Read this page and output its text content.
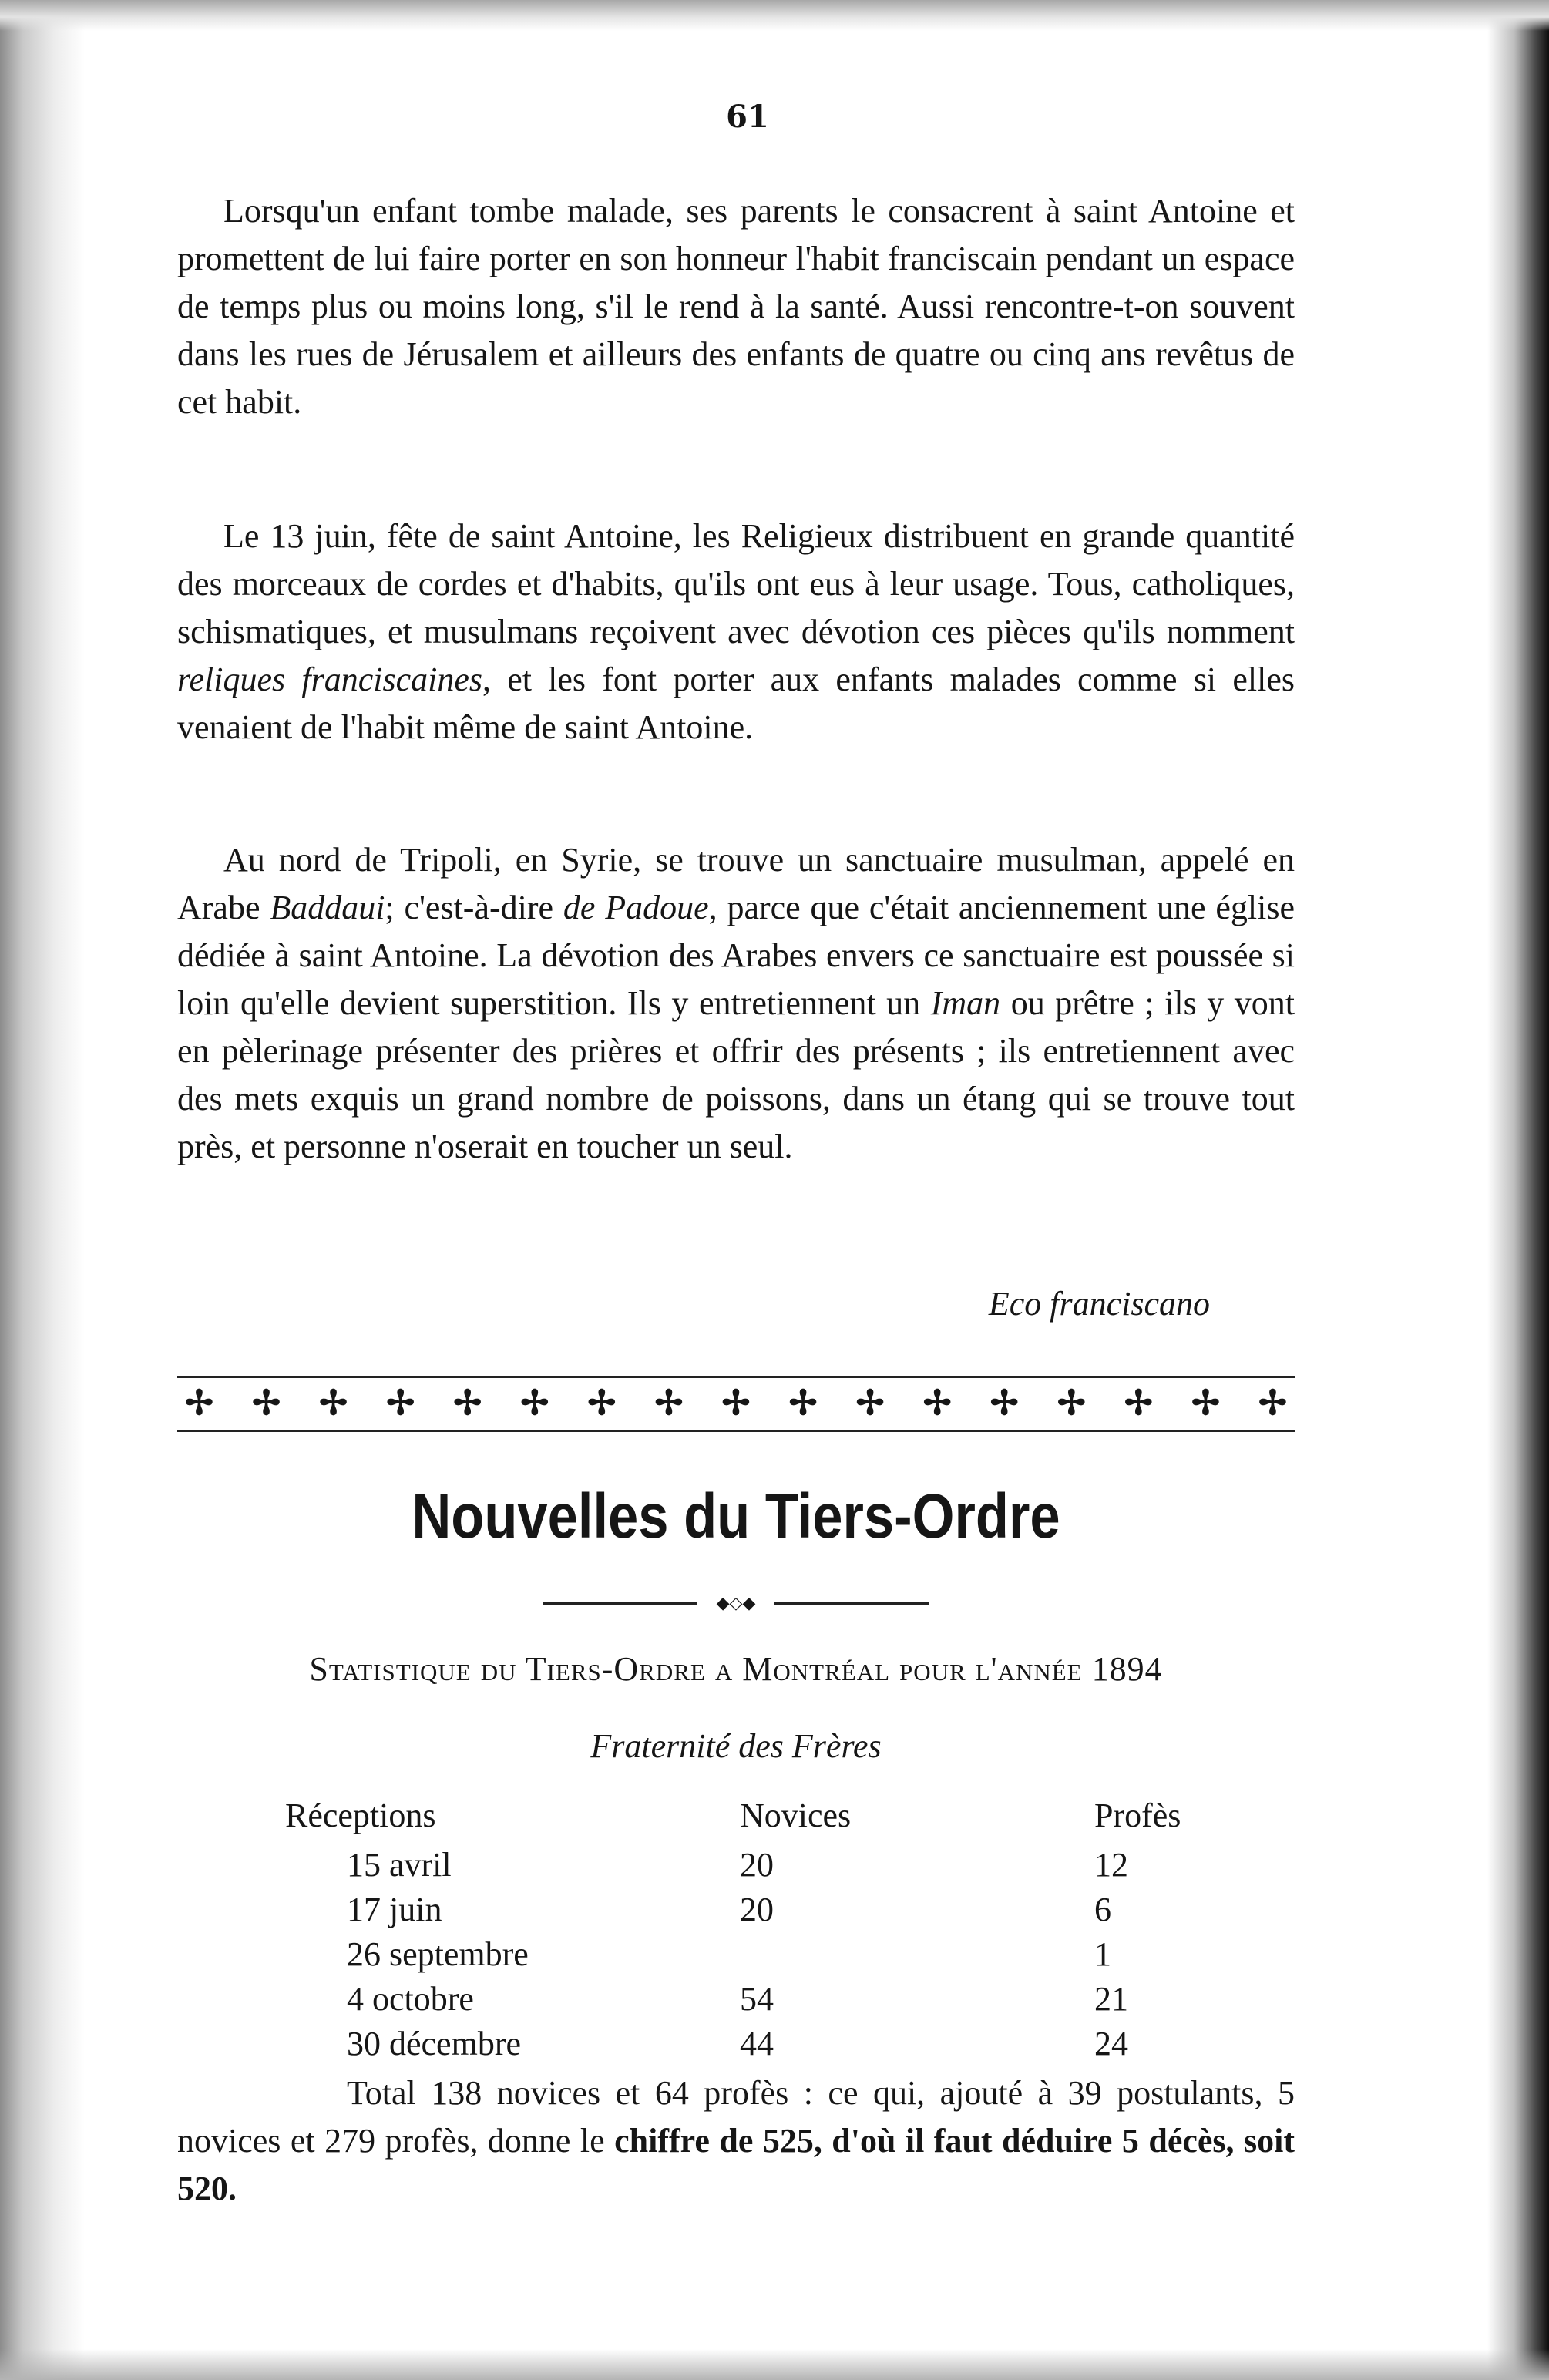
61

Lorsqu'un enfant tombe malade, ses parents le consacrent à saint Antoine et promettent de lui faire porter en son honneur l'habit franciscain pendant un espace de temps plus ou moins long, s'il le rend à la santé. Aussi rencontre-t-on souvent dans les rues de Jérusalem et ailleurs des enfants de quatre ou cinq ans revêtus de cet habit.

Le 13 juin, fête de saint Antoine, les Religieux distribuent en grande quantité des morceaux de cordes et d'habits, qu'ils ont eus à leur usage. Tous, catholiques, schismatiques, et musulmans reçoivent avec dévotion ces pièces qu'ils nomment reliques franciscaines, et les font porter aux enfants malades comme si elles venaient de l'habit même de saint Antoine.

Au nord de Tripoli, en Syrie, se trouve un sanctuaire musulman, appelé en Arabe Baddaui; c'est-à-dire de Padoue, parce que c'était anciennement une église dédiée à saint Antoine. La dévotion des Arabes envers ce sanctuaire est poussée si loin qu'elle devient superstition. Ils y entretiennent un Iman ou prêtre ; ils y vont en pèlerinage présenter des prières et offrir des présents ; ils entretiennent avec des mets exquis un grand nombre de poissons, dans un étang qui se trouve tout près, et personne n'oserait en toucher un seul.

Eco franciscano
✢ ✢ ✢ ✢ ✢ ✢ ✢ ✢ ✢ ✢ ✢ ✢ ✢ ✢ ✢ ✢ ✢
Nouvelles du Tiers-Ordre
◆◇◆
Statistique du Tiers-Ordre a Montréal pour l'année 1894
Fraternité des Frères
Réceptions	Novices	Profès
15 avril	20	12
17 juin	20	6
26 septembre		1
4 octobre	54	21
30 décembre	44	24

Total 138 novices et 64 profès : ce qui, ajouté à 39 postulants, 5 novices et 279 profès, donne le chiffre de 525, d'où il faut déduire 5 décès, soit 520.
